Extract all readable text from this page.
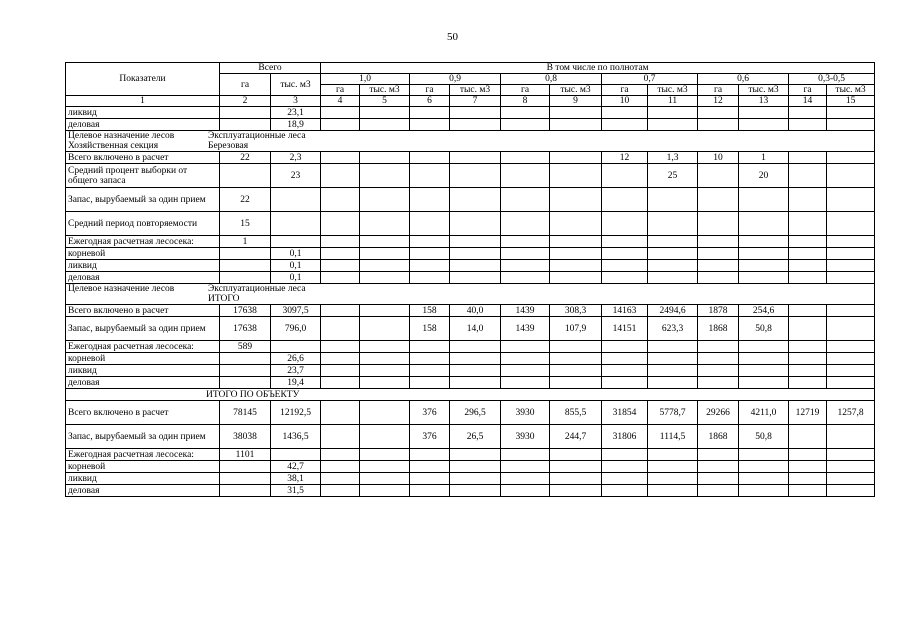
50
Показатели	Всего		В том числе по полнотам											
	га	тыс. м3	1,0		0,9		0,8		0,7		0,6		0,3-0,5	
			га	тыс. м3	га	тыс. м3	га	тыс. м3	га	тыс. м3	га	тыс. м3	га	тыс. м3
1	2	3	4	5	6	7	8	9	10	11	12	13	14	15
ликвид		23,1												
деловая		18,9												

Целевое назначение лесов Эксплуатационные леса
Хозяйственная секция Березовая														

Всего включено в расчет	22	2,3							12	1,3	10	1		
Средний процент выборки от общего запаса		23								25		20		
Запас, вырубаемый за один прием	22													
Средний период повторяемости	15													
Ежегодная расчетная лесосека:	1													
корневой		0,1												
ликвид		0,1												
деловая		0,1												

Целевое назначение лесов Эксплуатационные леса
ИТОГО														

Всего включено в расчет	17638	3097,5			158	40,0	1439	308,3	14163	2494,6	1878	254,6		
Запас, вырубаемый за один прием	17638	796,0			158	14,0	1439	107,9	14151	623,3	1868	50,8		
Ежегодная расчетная лесосека:	589													
корневой		26,6												
ликвид		23,7												
деловая		19,4												
ИТОГО ПО ОБЪЕКТУ														
Всего включено в расчет	78145	12192,5			376	296,5	3930	855,5	31854	5778,7	29266	4211,0	12719	1257,8
Запас, вырубаемый за один прием	38038	1436,5			376	26,5	3930	244,7	31806	1114,5	1868	50,8		
Ежегодная расчетная лесосека:	1101													
корневой		42,7												
ликвид		38,1												
деловая		31,5												
